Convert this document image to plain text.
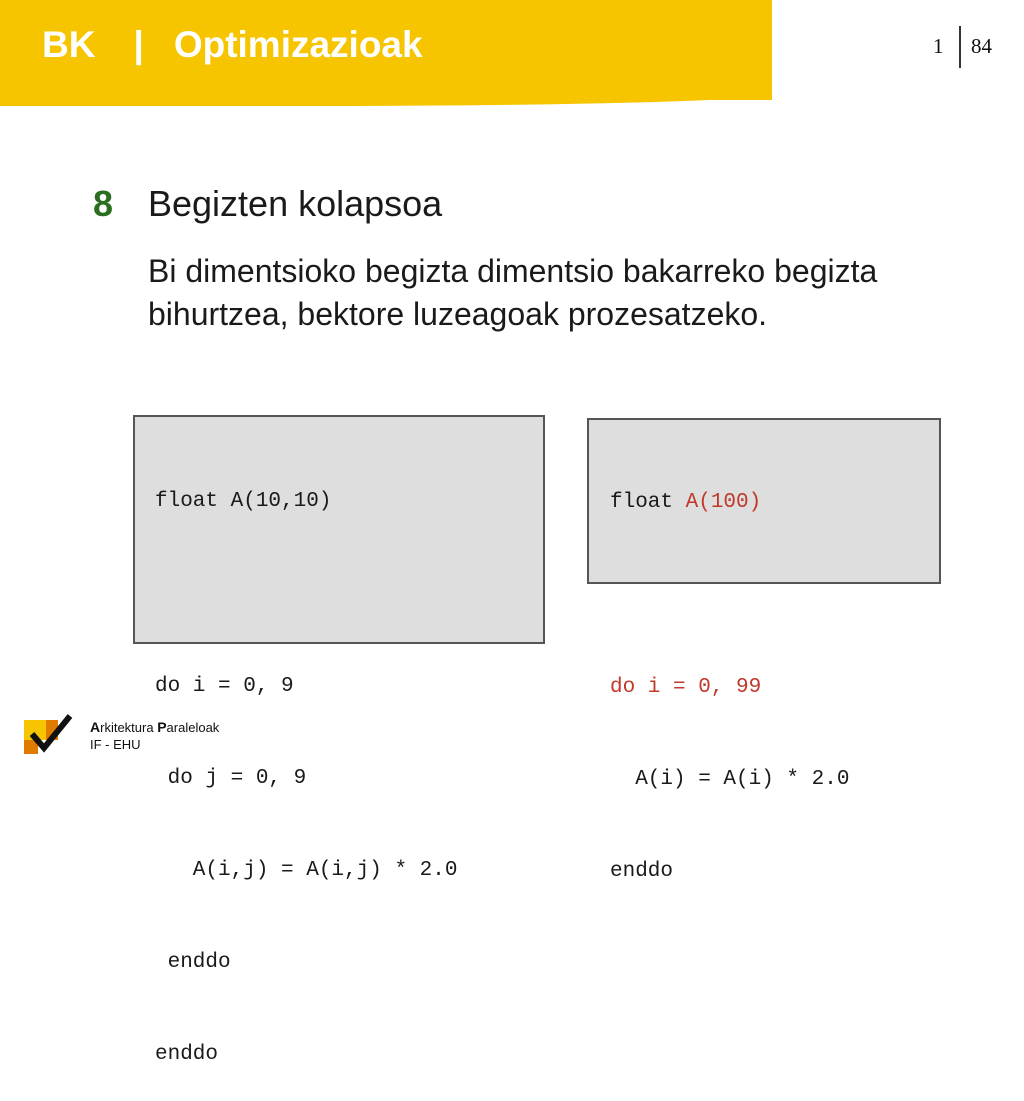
BK | Optimizazioak	1 84
8 Begizten kolapsoa
Bi dimentsioko begizta dimentsio bakarreko begizta bihurtzea, bektore luzeagoak prozesatzeko.

float A(10,10)

do i = 0, 9

do j = 0, 9

A(i,j) = A(i,j) * 2.0

enddo

enddo

float A(100)

do i = 0, 99

A(i) = A(i) * 2.0

enddo

Arkitektura Paraleloak
IF - EHU
